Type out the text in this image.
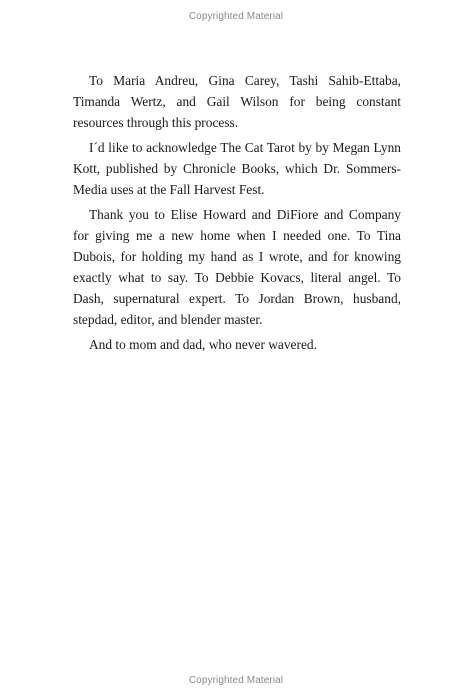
Copyrighted Material

To Maria Andreu, Gina Carey, Tashi Sahib-Ettaba, Timanda Wertz, and Gail Wilson for being constant resources through this process.

I´d like to acknowledge The Cat Tarot by by Megan Lynn Kott, published by Chronicle Books, which Dr. Sommers-Media uses at the Fall Harvest Fest.

Thank you to Elise Howard and DiFiore and Company for giving me a new home when I needed one. To Tina Dubois, for holding my hand as I wrote, and for knowing exactly what to say. To Debbie Kovacs, literal angel. To Dash, supernatural expert. To Jordan Brown, husband, stepdad, editor, and blender master.

And to mom and dad, who never wavered.

Copyrighted Material
